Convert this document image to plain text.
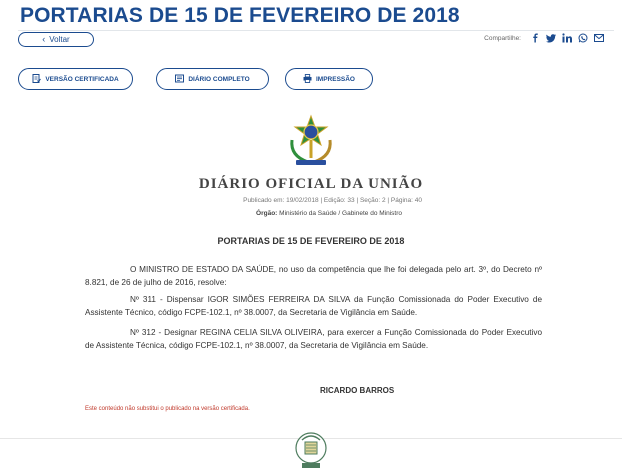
PORTARIAS DE 15 DE FEVEREIRO DE 2018
‹ Voltar	Compartilhe:
VERSÃO CERTIFICADA	DIÁRIO COMPLETO	IMPRESSÃO
DIÁRIO OFICIAL DA UNIÃO
Publicado em: 19/02/2018 | Edição: 33 | Seção: 2 | Página: 40
Órgão: Ministério da Saúde / Gabinete do Ministro
PORTARIAS DE 15 DE FEVEREIRO DE 2018

O MINISTRO DE ESTADO DA SAÚDE, no uso da competência que lhe foi delegada pelo art. 3º, do Decreto nº 8.821, de 26 de julho de 2016, resolve:

Nº 311 - Dispensar IGOR SIMÕES FERREIRA DA SILVA da Função Comissionada do Poder Executivo de Assistente Técnico, código FCPE-102.1, nº 38.0007, da Secretaria de Vigilância em Saúde.

Nº 312 - Designar REGINA CELIA SILVA OLIVEIRA, para exercer a Função Comissionada do Poder Executivo de Assistente Técnica, código FCPE-102.1, nº 38.0007, da Secretaria de Vigilância em Saúde.

RICARDO BARROS
Este conteúdo não substitui o publicado na versão certificada.
